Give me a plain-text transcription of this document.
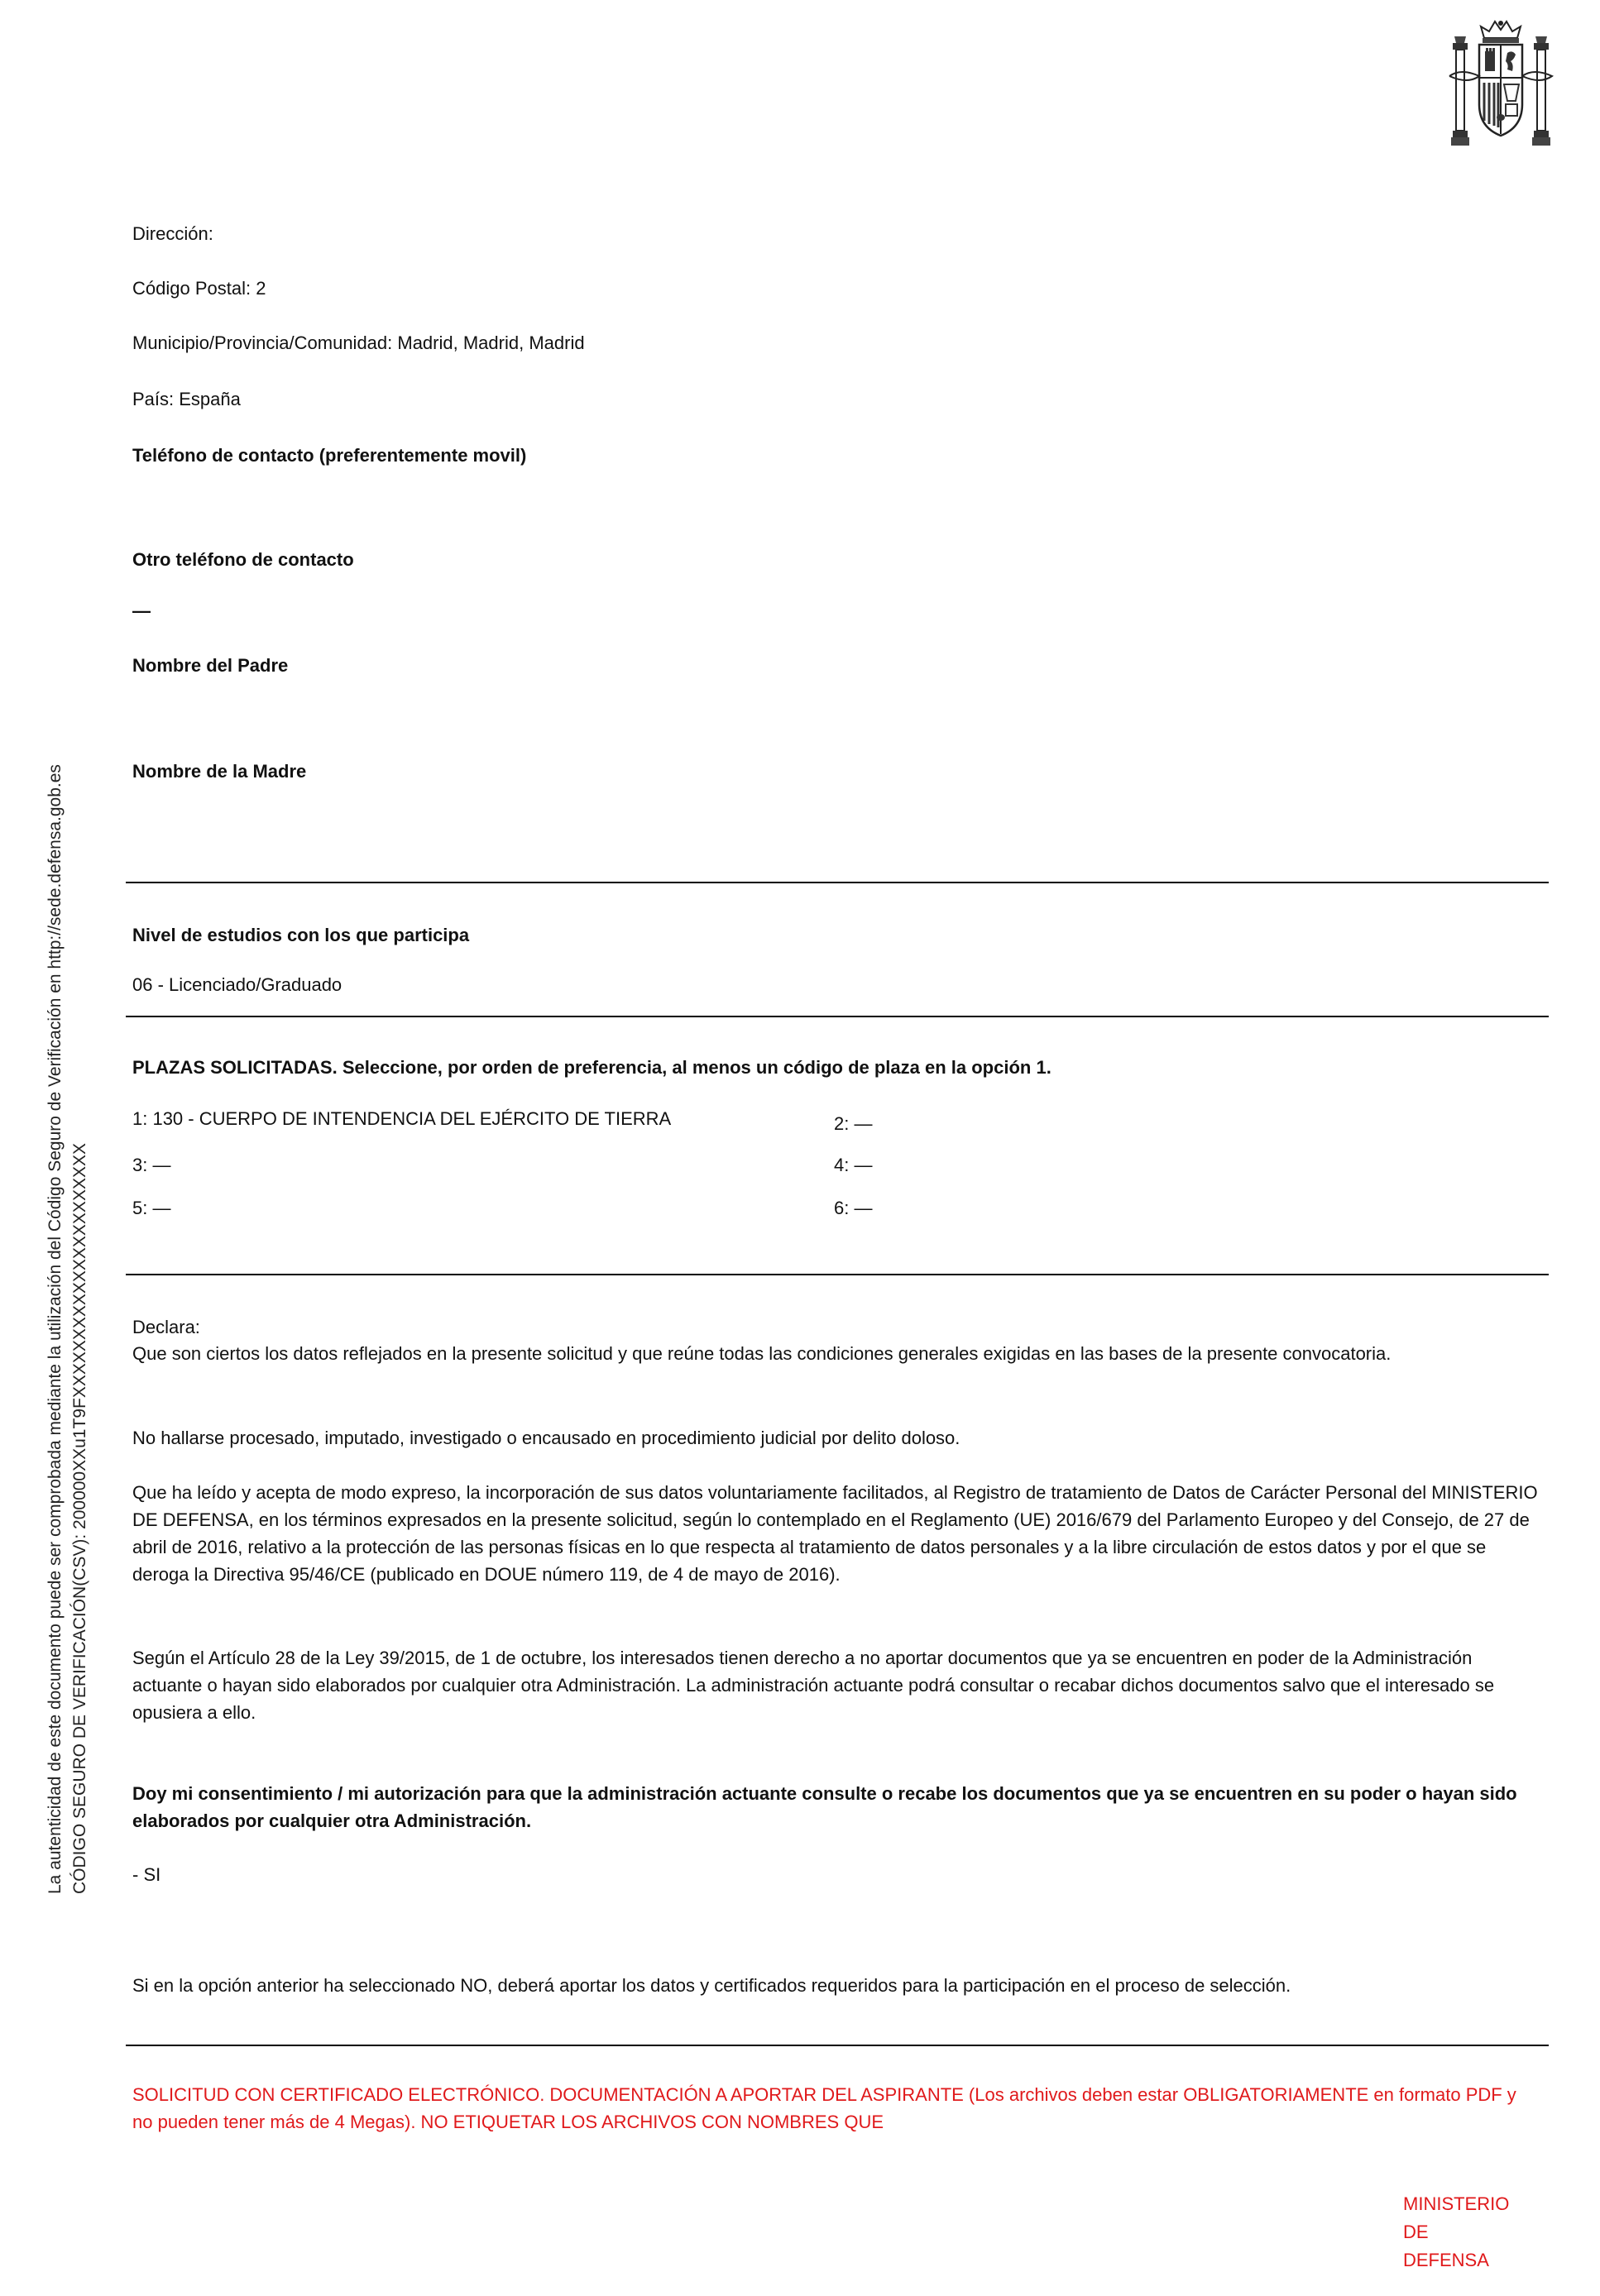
La autenticidad de este documento puede ser comprobada mediante la utilización del Código Seguro de Verificación en http://sede.defensa.gob.es CÓDIGO SEGURO DE VERIFICACIÓN(CSV): 200000XXu1T9FXXXXXXXXXXXXXXXXXXXXXX
Dirección:
Código Postal: 2
Municipio/Provincia/Comunidad: Madrid, Madrid, Madrid
País: España
Teléfono de contacto (preferentemente movil)
Otro teléfono de contacto
—
Nombre del Padre
Nombre de la Madre
Nivel de estudios con los que participa
06 - Licenciado/Graduado
PLAZAS SOLICITADAS. Seleccione, por orden de preferencia, al menos un código de plaza en la opción 1.
1: 130 - CUERPO DE INTENDENCIA DEL EJÉRCITO DE TIERRA	2: —
3: —	4: —
5: —	6: —
Declara:
Que son ciertos los datos reflejados en la presente solicitud y que reúne todas las condiciones generales exigidas en las bases de la presente convocatoria.
No hallarse procesado, imputado, investigado o encausado en procedimiento judicial por delito doloso.
Que ha leído y acepta de modo expreso, la incorporación de sus datos voluntariamente facilitados, al Registro de tratamiento de Datos de Carácter Personal del MINISTERIO DE DEFENSA, en los términos expresados en la presente solicitud, según lo contemplado en el Reglamento (UE) 2016/679 del Parlamento Europeo y del Consejo, de 27 de abril de 2016, relativo a la protección de las personas físicas en lo que respecta al tratamiento de datos personales y a la libre circulación de estos datos y por el que se deroga la Directiva 95/46/CE (publicado en DOUE número 119, de 4 de mayo de 2016).
Según el Artículo 28 de la Ley 39/2015, de 1 de octubre, los interesados tienen derecho a no aportar documentos que ya se encuentren en poder de la Administración actuante o hayan sido elaborados por cualquier otra Administración. La administración actuante podrá consultar o recabar dichos documentos salvo que el interesado se opusiera a ello.
Doy mi consentimiento / mi autorización para que la administración actuante consulte o recabe los documentos que ya se encuentren en su poder o hayan sido elaborados por cualquier otra Administración.
- SI
Si en la opción anterior ha seleccionado NO, deberá aportar los datos y certificados requeridos para la participación en el proceso de selección.
SOLICITUD CON CERTIFICADO ELECTRÓNICO. DOCUMENTACIÓN A APORTAR DEL ASPIRANTE (Los archivos deben estar OBLIGATORIAMENTE en formato PDF y no pueden tener más de 4 Megas). NO ETIQUETAR LOS ARCHIVOS CON NOMBRES QUE
MINISTERIO
DE
DEFENSA
